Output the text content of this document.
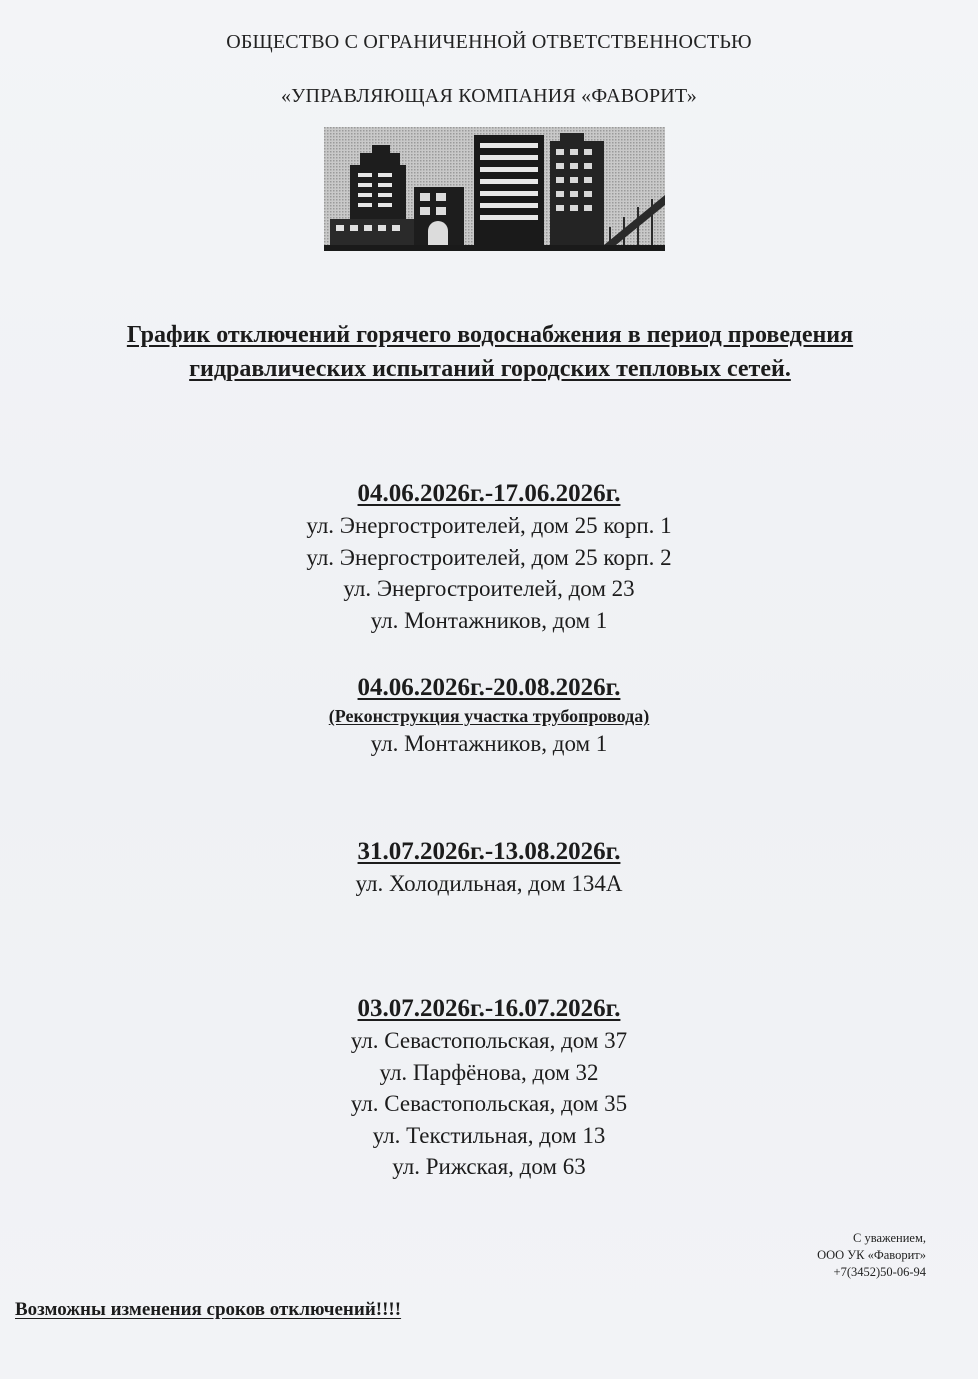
ОБЩЕСТВО С ОГРАНИЧЕННОЙ ОТВЕТСТВЕННОСТЬЮ
«УПРАВЛЯЮЩАЯ КОМПАНИЯ «ФАВОРИТ»
График отключений горячего водоснабжения в период проведения гидравлических испытаний городских тепловых сетей.
04.06.2026г.-17.06.2026г.
ул. Энергостроителей, дом 25 корп. 1
ул. Энергостроителей, дом 25 корп. 2
ул. Энергостроителей, дом 23
ул. Монтажников, дом 1
04.06.2026г.-20.08.2026г.
(Реконструкция участка трубопровода)
ул. Монтажников, дом 1
31.07.2026г.-13.08.2026г.
ул. Холодильная, дом 134А
03.07.2026г.-16.07.2026г.
ул. Севастопольская, дом 37
ул. Парфёнова, дом 32
ул. Севастопольская, дом 35
ул. Текстильная, дом 13
ул. Рижская, дом 63
С уважением,
ООО УК «Фаворит»
+7(3452)50-06-94
Возможны изменения сроков отключений!!!!
